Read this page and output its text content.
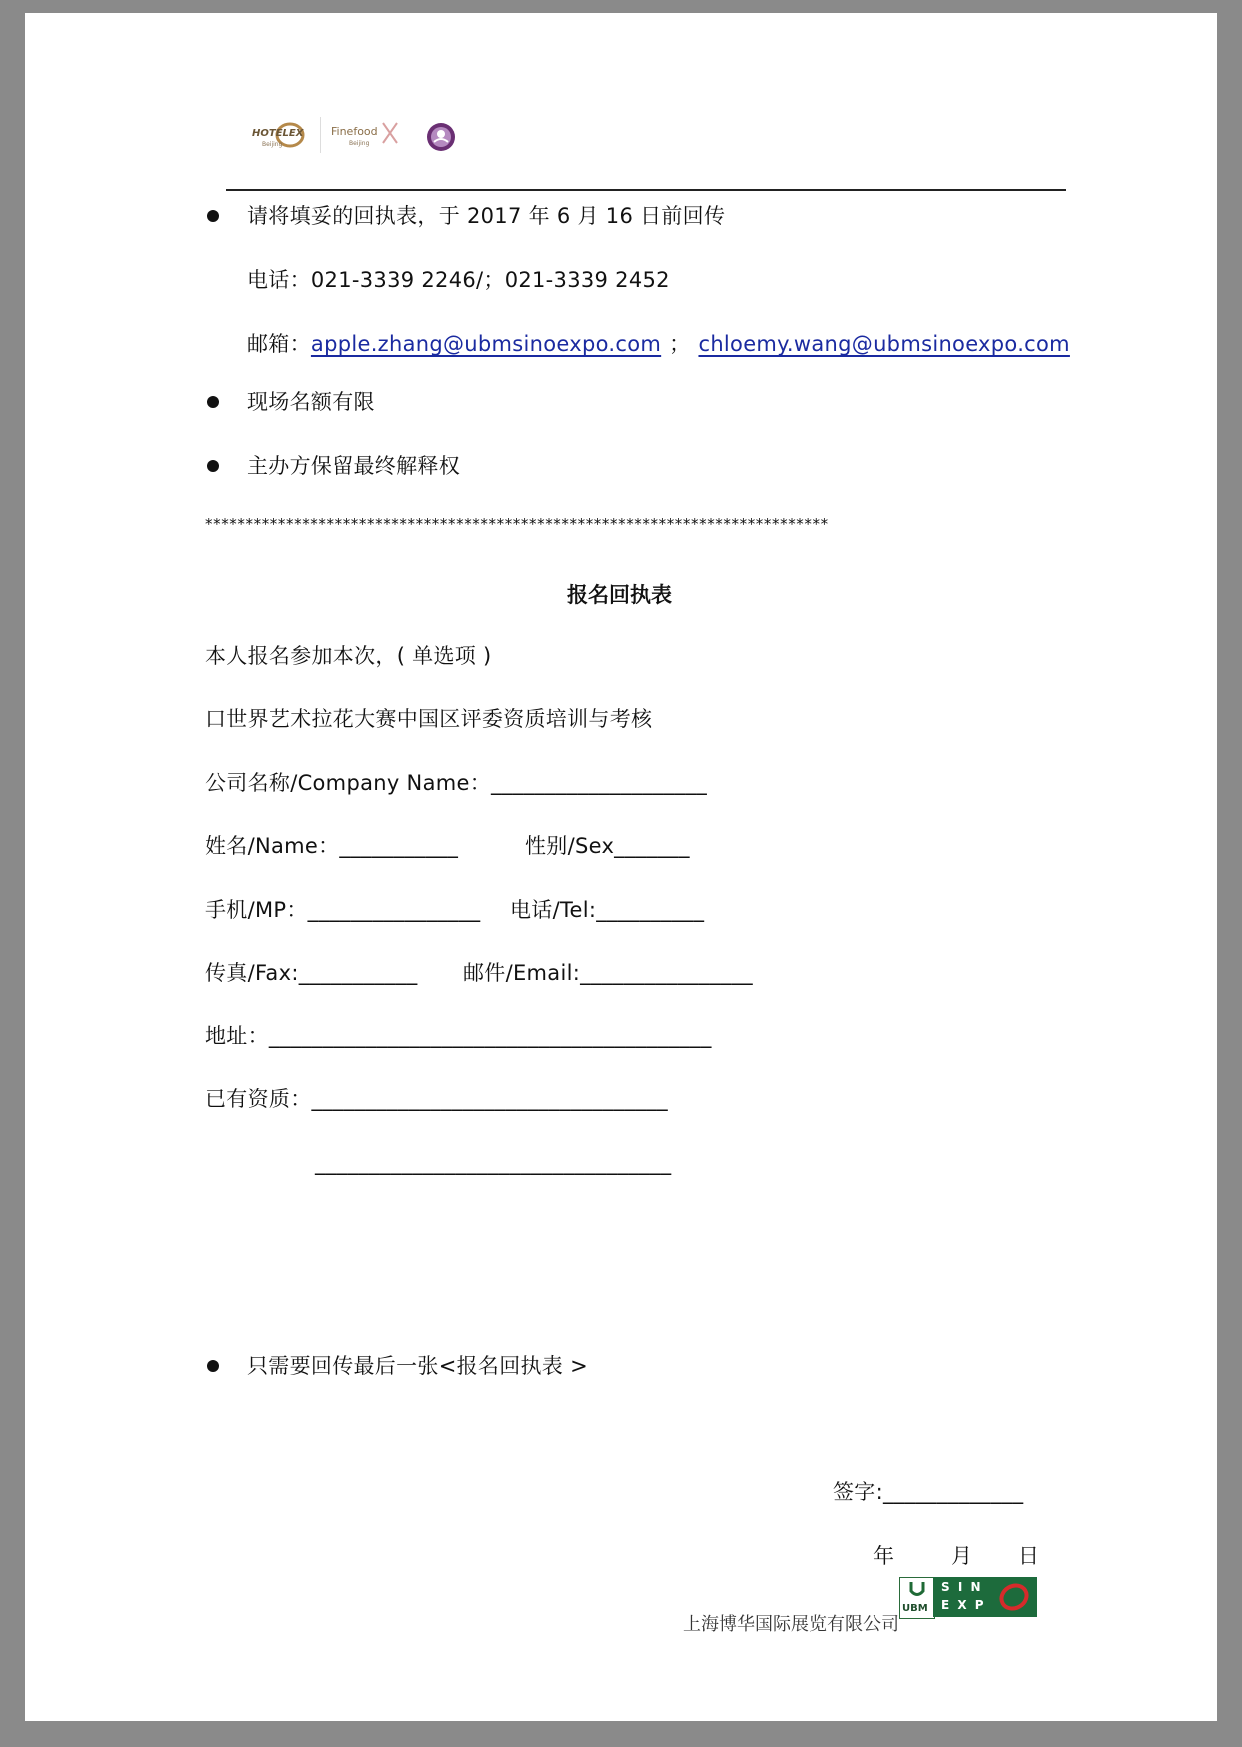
HOTELEX
Beijing
Finefood
Beijing
请将填妥的回执表，于 2017 年 6 月 16 日前回传
电话：021-3339 2246/；021-3339 2452
邮箱：apple.zhang@ubmsinoexpo.com ； chloemy.wang@ubmsinoexpo.com
现场名额有限
主办方保留最终解释权
*****************************************************************************
报名回执表
本人报名参加本次，( 单选项 )
口世界艺术拉花大赛中国区评委资质培训与考核
公司名称/Company Name：____________________
姓名/Name：___________	性别/Sex_______
手机/MP：________________ 电话/Tel:__________
传真/Fax:___________ 邮件/Email:________________
地址：_________________________________________
已有资质：_________________________________
_________________________________
只需要回传最后一张<报名回执表 >
签字:_____________
年	月 日
上海博华国际展览有限公司
UBM
S I N
E X P
